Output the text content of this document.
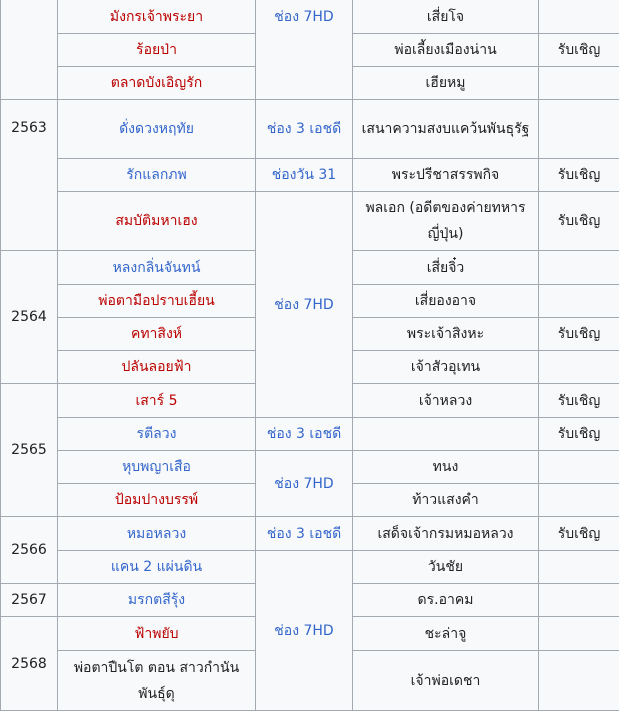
	มังกรเจ้าพระยา	ช่อง 7HD	เสี่ยโจ	
	ร้อยป่า		พ่อเลี้ยงเมืองน่าน	รับเชิญ
	ตลาดบังเอิญรัก		เฮียหมู	
2563	ดั่งดวงหฤทัย	ช่อง 3 เอชดี	เสนาความสงบแคว้นพันธุรัฐ	
	รักแลกภพ	ช่องวัน 31	พระปรีชาสรรพกิจ	รับเชิญ
	สมบัติมหาเฮง	ช่อง 7HD	พลเอก (อดีตของค่ายทหารญี่ปุ่น)	รับเชิญ
2564	หลงกลิ่นจันทน์		เสี่ยจิ๋ว	
	พ่อตามือปราบเฮี้ยน		เสี่ยองอาจ	
	คทาสิงห์		พระเจ้าสิงหะ	รับเชิญ
	ปลันลอยฟ้า		เจ้าสัวอุเทน	
2565	เสาร์ 5		เจ้าหลวง	รับเชิญ
	รตีลวง	ช่อง 3 เอชดี		รับเชิญ
	หุบพญาเสือ	ช่อง 7HD	ทนง	
	ป้อมปางบรรพ์		ท้าวแสงคำ	
2566	หมอหลวง	ช่อง 3 เอชดี	เสด็จเจ้ากรมหมอหลวง	รับเชิญ
	แคน 2 แผ่นดิน	ช่อง 7HD	วันชัย	
2567	มรกตสีรุ้ง		ดร.อาคม	
2568	ฟ้าพยับ		ชะล่าจู	
	พ่อตาปืนโต ตอน สาวกำนันพันธุ์ดุ		เจ้าพ่อเดชา	
